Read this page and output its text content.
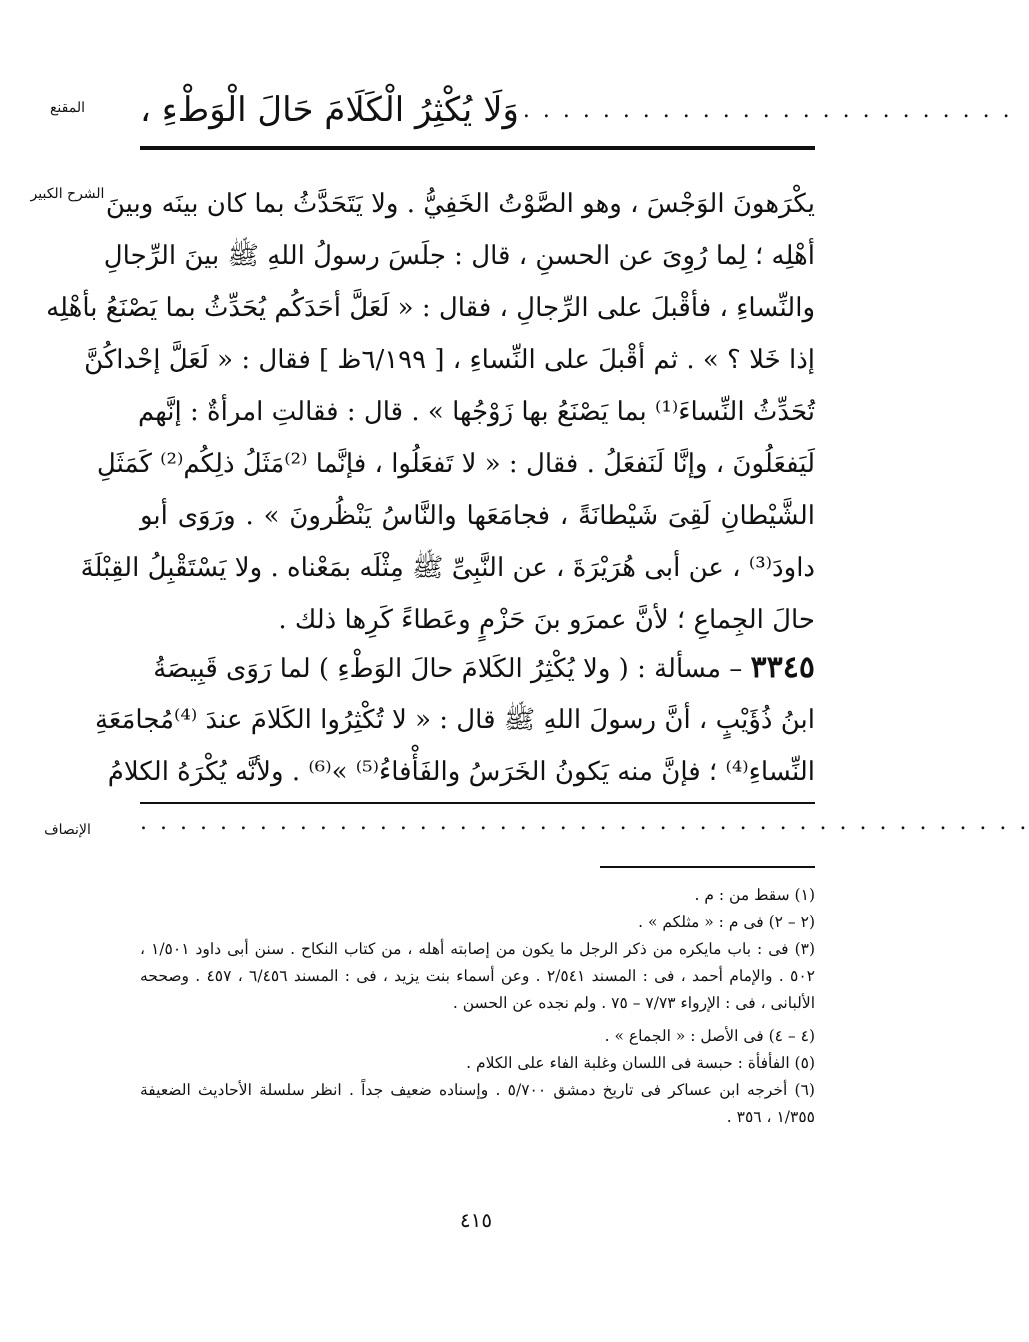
المقنع
الشرح الكبير
الإنصاف
وَلَا يُكْثِرُ الْكَلَامَ حَالَ الْوَطْءِ ، . . . . . . . . . . . . . . . . . . . . . . . . .
يكْرَهونَ الوَجْسَ ، وهو الصَّوْتُ الخَفِيُّ . ولا يَتَحَدَّثُ بما كان بينَه وبينَ
أهْلِه ؛ لِما رُوِىَ عن الحسنِ ، قال : جلَسَ رسولُ اللهِ ﷺ بينَ الرِّجالِ
والنِّساءِ ، فأقْبلَ على الرِّجالِ ، فقال : « لَعَلَّ أحَدَكُم يُحَدِّثُ بما يَصْنَعُ بأهْلِه
إذا خَلا ؟ » . ثم أقْبلَ على النِّساءِ ، [ ٦/١٩٩ظ ] فقال : « لَعَلَّ إحْداكُنَّ
تُحَدِّثُ النِّساءَ⁽¹⁾ بما يَصْنَعُ بها زَوْجُها » . قال : فقالتِ امرأةٌ : إنَّهم
لَيَفعَلُونَ ، وإنَّا لَنَفعَلُ . فقال : « لا تَفعَلُوا ، فإنَّما ⁽²⁾مَثَلُ ذلِكُم⁽²⁾ كَمَثَلِ
الشَّيْطانِ لَقِىَ شَيْطانَةً ، فجامَعَها والنَّاسُ يَنْظُرونَ » . ورَوَى أبو
داودَ⁽³⁾ ، عن أبى هُرَيْرَةَ ، عن النَّبِىِّ ﷺ مِثْلَه بمَعْناه . ولا يَسْتَقْبِلُ القِبْلَةَ
حالَ الجِماعِ ؛ لأنَّ عمرَو بنَ حَزْمٍ وعَطاءً كَرِها ذلك .
٣٣٤٥ – مسألة : ( ولا يُكْثِرُ الكَلامَ حالَ الوَطْءِ ) لما رَوَى قَبِيصَةُ
ابنُ ذُؤَيْبٍ ، أنَّ رسولَ اللهِ ﷺ قال : « لا تُكْثِرُوا الكَلامَ عندَ ⁽⁴⁾مُجامَعَةِ
النِّساءِ⁽⁴⁾ ؛ فإنَّ منه يَكونُ الخَرَسُ والفَأْفاءُ⁽⁵⁾ »⁽⁶⁾ . ولأنَّه يُكْرَهُ الكلامُ
. . . . . . . . . . . . . . . . . . . . . . . . . . . . . . . . . . . . . . . . . . . . .
(١) سقط من : م .
(٢ – ٢) فى م : « مثلكم » .
(٣) فى : باب مايكره من ذكر الرجل ما يكون من إصابته أهله ، من كتاب النكاح . سنن أبى داود ١/٥٠١ ،
٥٠٢ . والإمام أحمد ، فى : المسند ٢/٥٤١ . وعن أسماء بنت يزيد ، فى : المسند ٦/٤٥٦ ، ٤٥٧ . وصححه
الألبانى ، فى : الإرواء ٧/٧٣ – ٧٥ . ولم نجده عن الحسن .
(٤ – ٤) فى الأصل : « الجماع » .
(٥) الفأفأة : حبسة فى اللسان وغلبة الفاء على الكلام .
(٦) أخرجه ابن عساكر فى تاريخ دمشق ٥/٧٠٠ . وإسناده ضعيف جداً . انظر سلسلة الأحاديث الضعيفة
١/٣٥٥ ، ٣٥٦ .
٤١٥
